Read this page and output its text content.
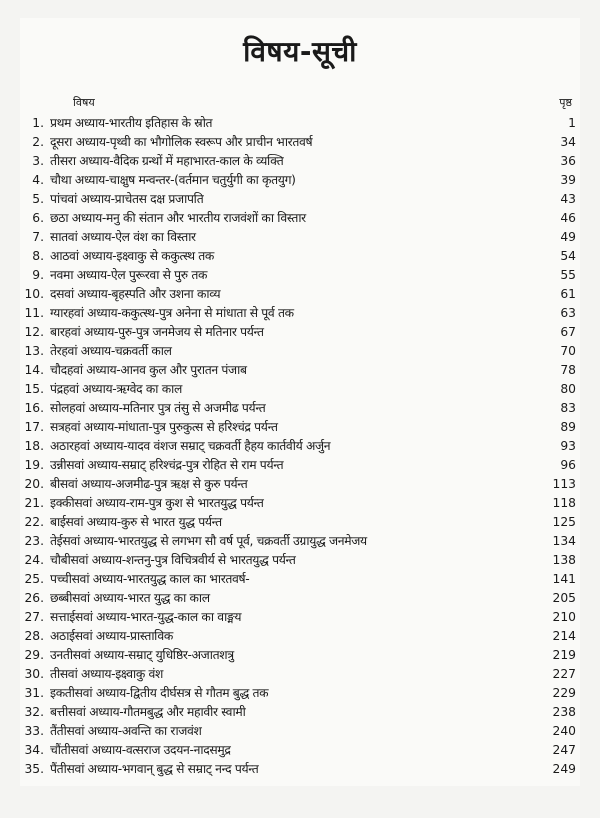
विषय-सूची
विषय	पृष्ठ
1. प्रथम अध्याय-भारतीय इतिहास के स्रोत	1
2. दूसरा अध्याय-पृथ्वी का भौगोलिक स्वरूप और प्राचीन भारतवर्ष	34
3. तीसरा अध्याय-वैदिक ग्रन्थों में महाभारत-काल के व्यक्ति	36
4. चौथा अध्याय-चाक्षुष मन्वन्तर-(वर्तमान चतुर्युगी का कृतयुग)	39
5. पांचवां अध्याय-प्राचेतस दक्ष प्रजापति	43
6. छठा अध्याय-मनु की संतान और भारतीय राजवंशों का विस्तार	46
7. सातवां अध्याय-ऐल वंश का विस्तार	49
8. आठवां अध्याय-इक्ष्वाकु से ककुत्स्थ तक	54
9. नवमा अध्याय-ऐल पुरूरवा से पुरु तक	55
10. दसवां अध्याय-बृहस्पति और उशना काव्य	61
11. ग्यारहवां अध्याय-ककुत्स्थ-पुत्र अनेना से मांधाता से पूर्व तक	63
12. बारहवां अध्याय-पुरु-पुत्र जनमेजय से मतिनार पर्यन्त	67
13. तेरहवां अध्याय-चक्रवर्ती काल	70
14. चौदहवां अध्याय-आनव कुल और पुरातन पंजाब	78
15. पंद्रहवां अध्याय-ऋग्वेद का काल	80
16. सोलहवां अध्याय-मतिनार पुत्र तंसु से अजमीढ पर्यन्त	83
17. सत्रहवां अध्याय-मांधाता-पुत्र पुरुकुत्स से हरिश्चंद्र पर्यन्त	89
18. अठारहवां अध्याय-यादव वंशज सम्राट् चक्रवर्ती हैहय कार्तवीर्य अर्जुन	93
19. उन्नीसवां अध्याय-सम्राट् हरिश्चंद्र-पुत्र रोहित से राम पर्यन्त	96
20. बीसवां अध्याय-अजमीढ-पुत्र ऋक्ष से कुरु पर्यन्त	113
21. इक्कीसवां अध्याय-राम-पुत्र कुश से भारतयुद्ध पर्यन्त	118
22. बाईसवां अध्याय-कुरु से भारत युद्ध पर्यन्त	125
23. तेईसवां अध्याय-भारतयुद्ध से लगभग सौ वर्ष पूर्व, चक्रवर्ती उग्रायुद्ध जनमेजय	134
24. चौबीसवां अध्याय-शन्तनु-पुत्र विचित्रवीर्य से भारतयुद्ध पर्यन्त	138
25. पच्चीसवां अध्याय-भारतयुद्ध काल का भारतवर्ष-	141
26. छब्बीसवां अध्याय-भारत युद्ध का काल	205
27. सत्ताईसवां अध्याय-भारत-युद्ध-काल का वाङ्मय	210
28. अठाईसवां अध्याय-प्रास्ताविक	214
29. उनतीसवां अध्याय-सम्राट् युधिष्ठिर-अजातशत्रु	219
30. तीसवां अध्याय-इक्ष्वाकु वंश	227
31. इकतीसवां अध्याय-द्वितीय दीर्घसत्र से गौतम बुद्ध तक	229
32. बत्तीसवां अध्याय-गौतमबुद्ध और महावीर स्वामी	238
33. तैंतीसवां अध्याय-अवन्ति का राजवंश	240
34. चौंतीसवां अध्याय-वत्सराज उदयन-नादसमुद्र	247
35. पैंतीसवां अध्याय-भगवान् बुद्ध से सम्राट् नन्द पर्यन्त	249
